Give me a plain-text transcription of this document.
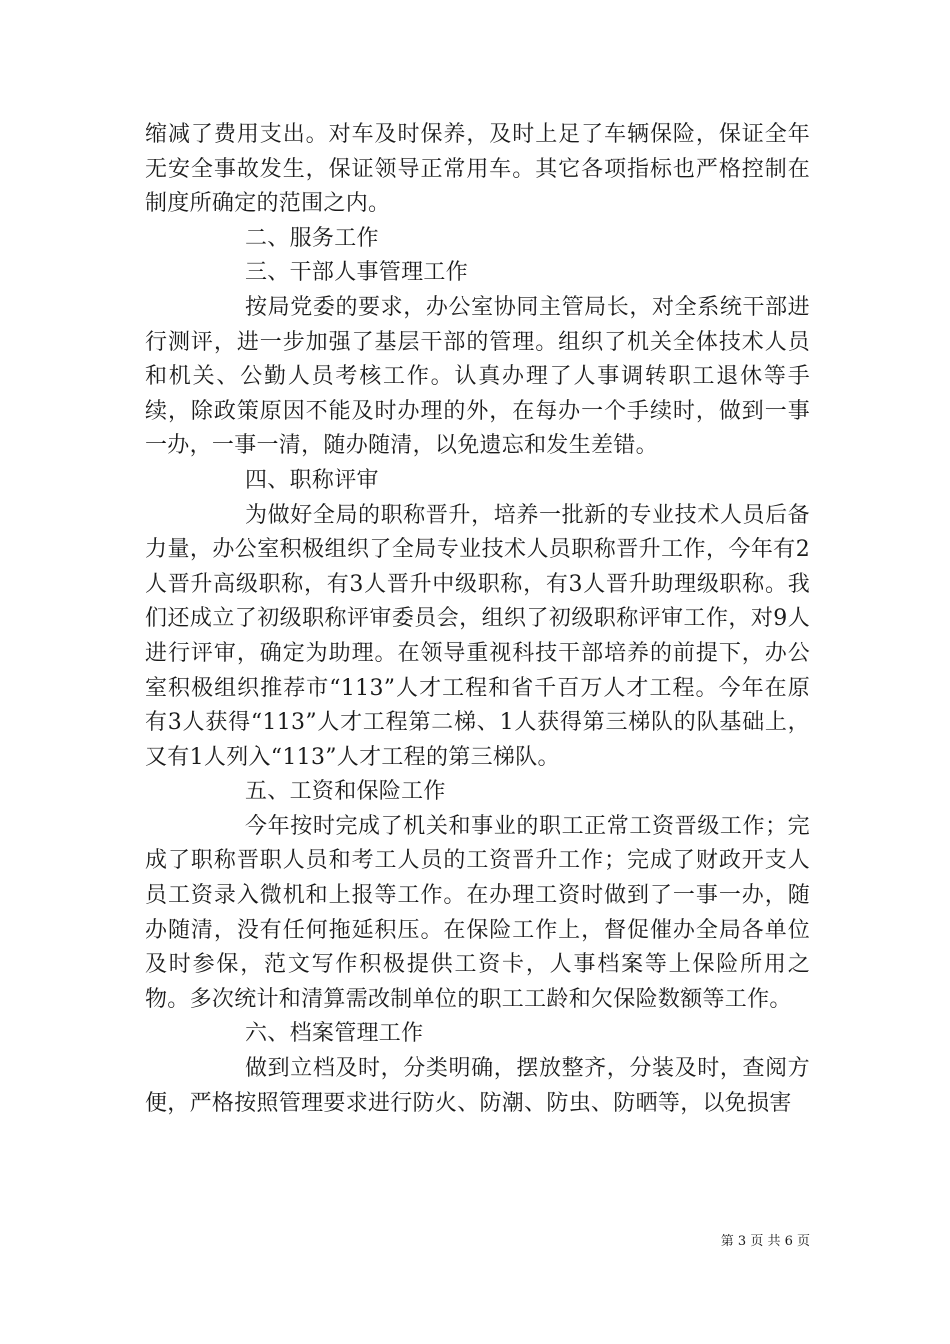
缩减了费用支出。对车及时保养，及时上足了车辆保险，保证全年无安全事故发生，保证领导正常用车。其它各项指标也严格控制在制度所确定的范围之内。

二、服务工作

三、干部人事管理工作

按局党委的要求，办公室协同主管局长，对全系统干部进行测评，进一步加强了基层干部的管理。组织了机关全体技术人员和机关、公勤人员考核工作。认真办理了人事调转职工退休等手续，除政策原因不能及时办理的外，在每办一个手续时，做到一事一办，一事一清，随办随清，以免遗忘和发生差错。

四、职称评审

为做好全局的职称晋升，培养一批新的专业技术人员后备力量，办公室积极组织了全局专业技术人员职称晋升工作，今年有2人晋升高级职称，有3人晋升中级职称，有3人晋升助理级职称。我们还成立了初级职称评审委员会，组织了初级职称评审工作，对9人进行评审，确定为助理。在领导重视科技干部培养的前提下，办公室积极组织推荐市“113”人才工程和省千百万人才工程。今年在原有3人获得“113”人才工程第二梯、1人获得第三梯队的队基础上，又有1人列入“113”人才工程的第三梯队。

五、工资和保险工作

今年按时完成了机关和事业的职工正常工资晋级工作；完成了职称晋职人员和考工人员的工资晋升工作；完成了财政开支人员工资录入微机和上报等工作。在办理工资时做到了一事一办，随办随清，没有任何拖延积压。在保险工作上，督促催办全局各单位及时参保，范文写作积极提供工资卡，人事档案等上保险所用之物。多次统计和清算需改制单位的职工工龄和欠保险数额等工作。

六、档案管理工作

做到立档及时，分类明确，摆放整齐，分装及时，查阅方便，严格按照管理要求进行防火、防潮、防虫、防晒等，以免损害

第 3 页 共 6 页
